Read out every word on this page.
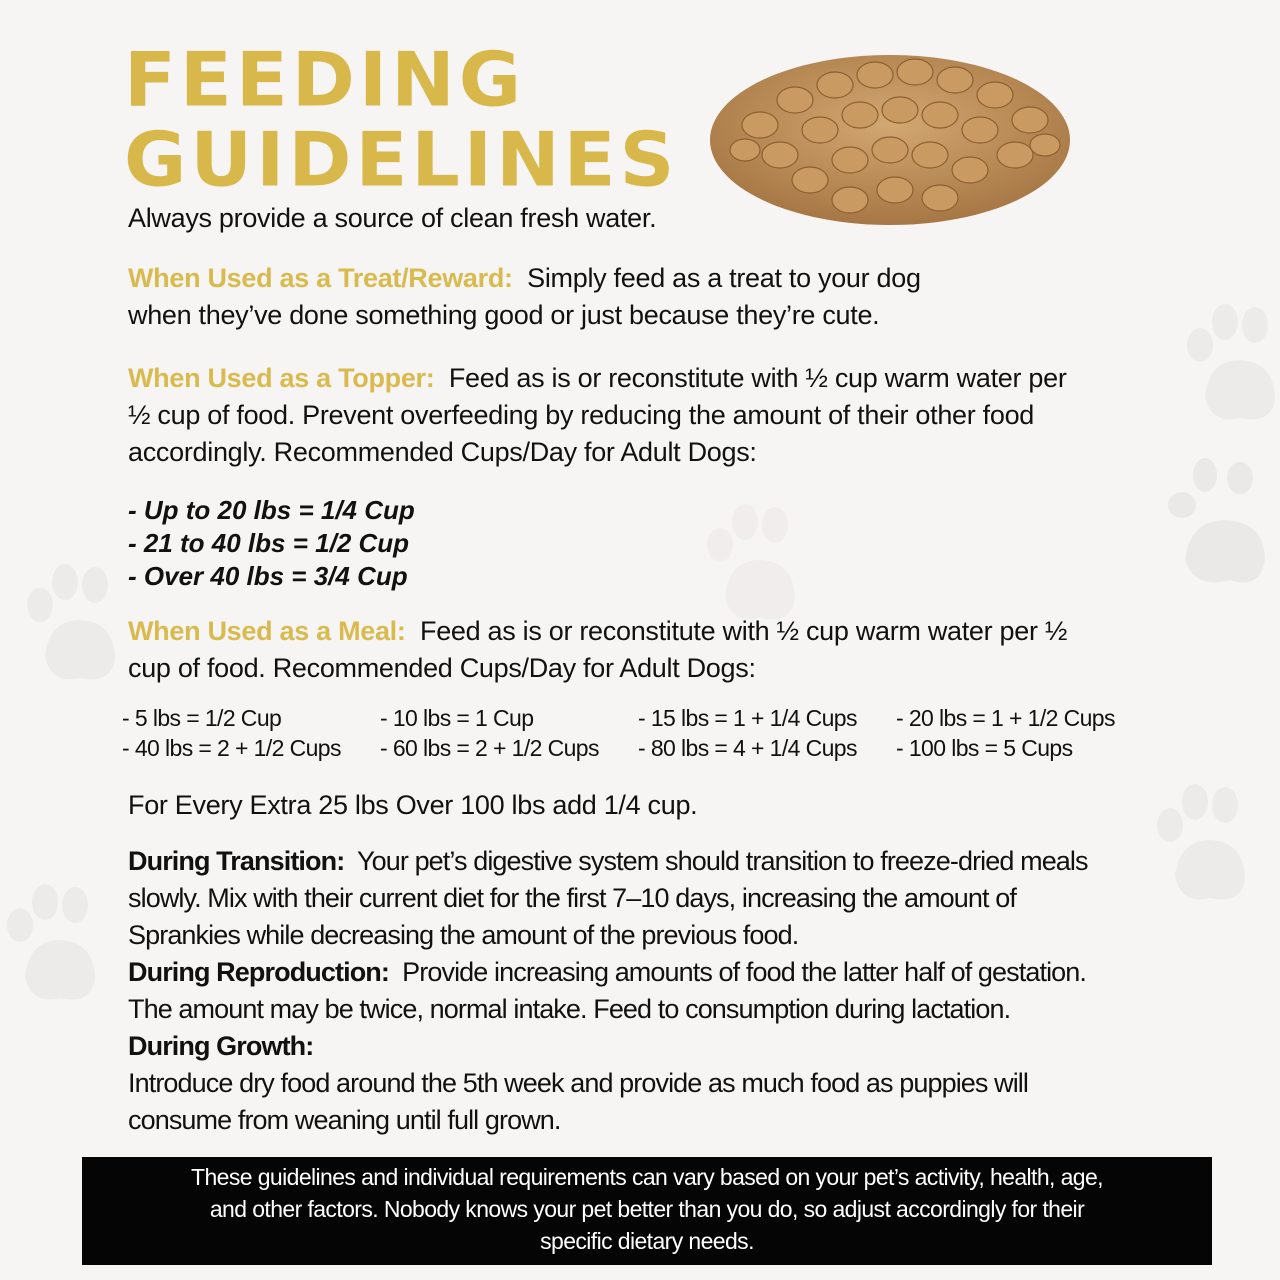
FEEDING
GUIDELINES
Always provide a source of clean fresh water.
When Used as a Treat/Reward: Simply feed as a treat to your dog
when they’ve done something good or just because they’re cute.
When Used as a Topper: Feed as is or reconstitute with ½ cup warm water per
½ cup of food. Prevent overfeeding by reducing the amount of their other food
accordingly. Recommended Cups/Day for Adult Dogs:
- Up to 20 lbs = 1/4 Cup
- 21 to 40 lbs = 1/2 Cup
- Over 40 lbs = 3/4 Cup
When Used as a Meal: Feed as is or reconstitute with ½ cup warm water per ½
cup of food. Recommended Cups/Day for Adult Dogs:
- 5 lbs = 1/2 Cup	- 10 lbs = 1 Cup	- 15 lbs = 1 + 1/4 Cups	- 20 lbs = 1 + 1/2 Cups
- 40 lbs = 2 + 1/2 Cups	- 60 lbs = 2 + 1/2 Cups	- 80 lbs = 4 + 1/4 Cups	- 100 lbs = 5 Cups
For Every Extra 25 lbs Over 100 lbs add 1/4 cup.
During Transition: Your pet’s digestive system should transition to freeze-dried meals
slowly. Mix with their current diet for the first 7–10 days, increasing the amount of
Sprankies while decreasing the amount of the previous food.
During Reproduction: Provide increasing amounts of food the latter half of gestation.
The amount may be twice, normal intake. Feed to consumption during lactation.
During Growth:
Introduce dry food around the 5th week and provide as much food as puppies will
consume from weaning until full grown.

These guidelines and individual requirements can vary based on your pet’s activity, health, age,

and other factors. Nobody knows your pet better than you do, so adjust accordingly for their

specific dietary needs.
